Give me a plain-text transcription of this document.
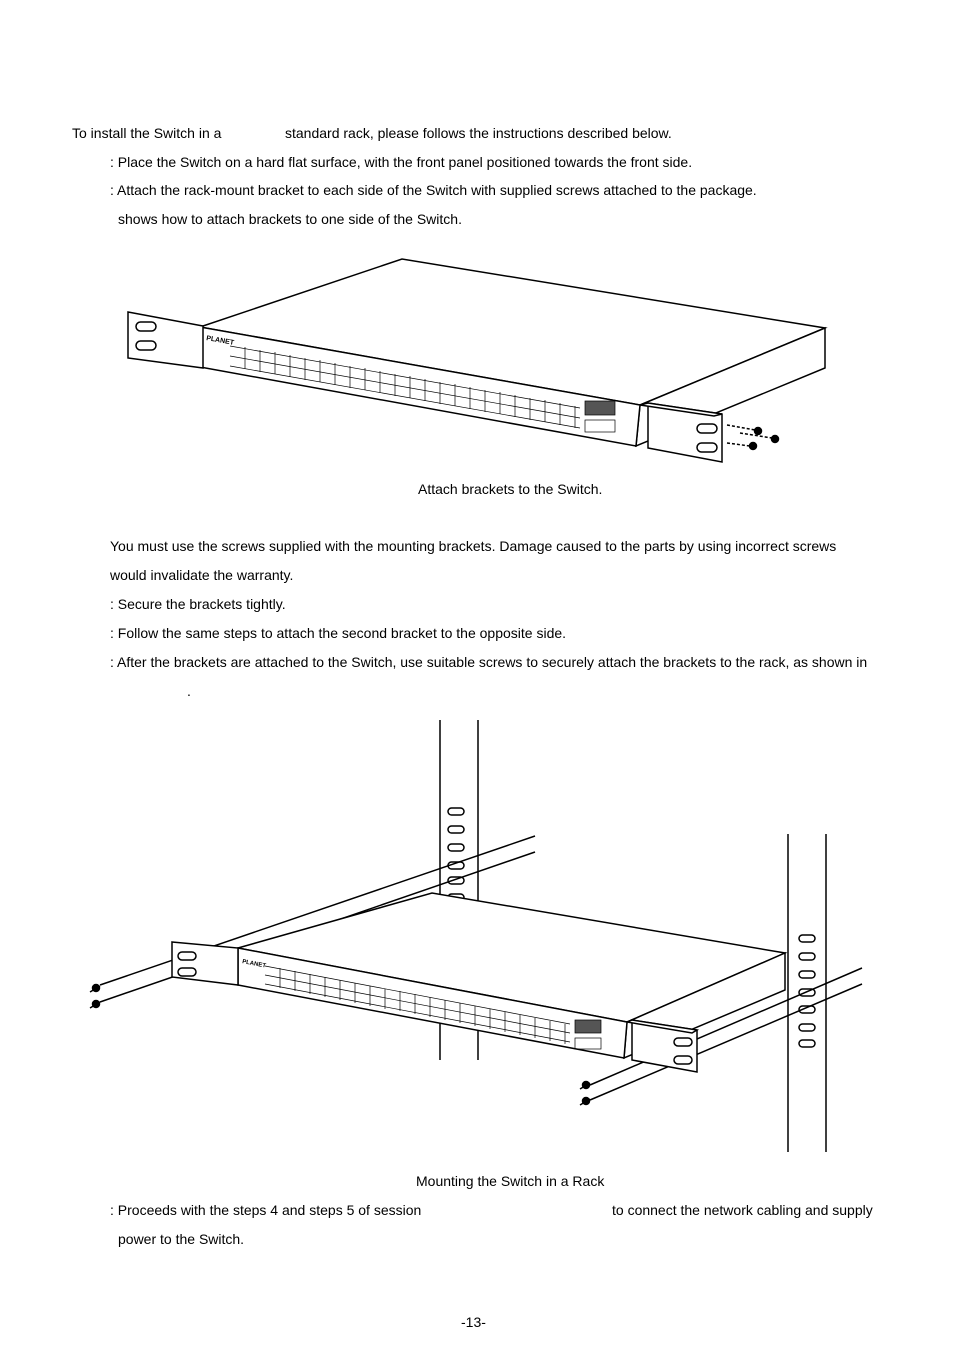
To install the Switch in a	standard rack, please follows the instructions described below.
: Place the Switch on a hard flat surface, with the front panel positioned towards the front side.
: Attach the rack-mount bracket to each side of the Switch with supplied screws attached to the package.
shows how to attach brackets to one side of the Switch.
PLANET
Attach brackets to the Switch.
You must use the screws supplied with the mounting brackets. Damage caused to the parts by using incorrect screws
would invalidate the warranty.
: Secure the brackets tightly.
: Follow the same steps to attach the second bracket to the opposite side.
: After the brackets are attached to the Switch, use suitable screws to securely attach the brackets to the rack, as shown in
.
PLANET
Mounting the Switch in a Rack
: Proceeds with the steps 4 and steps 5 of session	to connect the network cabling and supply
power to the Switch.
-13-
